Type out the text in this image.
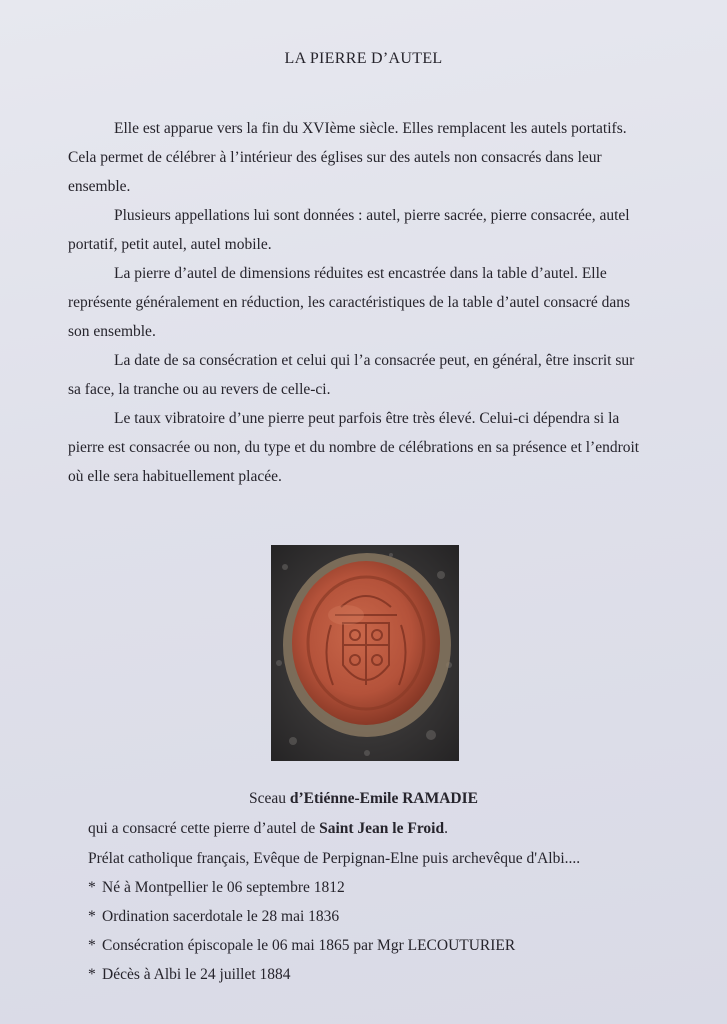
LA PIERRE D’AUTEL

Elle est apparue vers la fin du XVIème siècle. Elles remplacent les autels portatifs. Cela permet de célébrer à l’intérieur des églises sur des autels non consacrés dans leur ensemble.

Plusieurs appellations lui sont données : autel, pierre sacrée, pierre consacrée, autel portatif, petit autel, autel mobile.

La pierre d’autel de dimensions réduites est encastrée dans la table d’autel. Elle représente généralement en réduction, les caractéristiques de la table d’autel consacré dans son ensemble.

La date de sa consécration et celui qui l’a consacrée peut, en général, être inscrit sur sa face, la tranche ou au revers de celle-ci.

Le taux vibratoire d’une pierre peut parfois être très élevé. Celui-ci dépendra si la pierre est consacrée ou non, du type et du nombre de célébrations en sa présence et l’endroit où elle sera habituellement placée.

Sceau d’Etiénne-Emile RAMADIE
qui a consacré cette pierre d’autel de Saint Jean le Froid.
Prélat catholique français, Evêque de Perpignan-Elne puis archevêque d'Albi....
* Né à Montpellier le 06 septembre 1812
* Ordination sacerdotale le 28 mai 1836
* Consécration épiscopale le 06 mai 1865 par Mgr LECOUTURIER
* Décès à Albi le 24 juillet 1884
